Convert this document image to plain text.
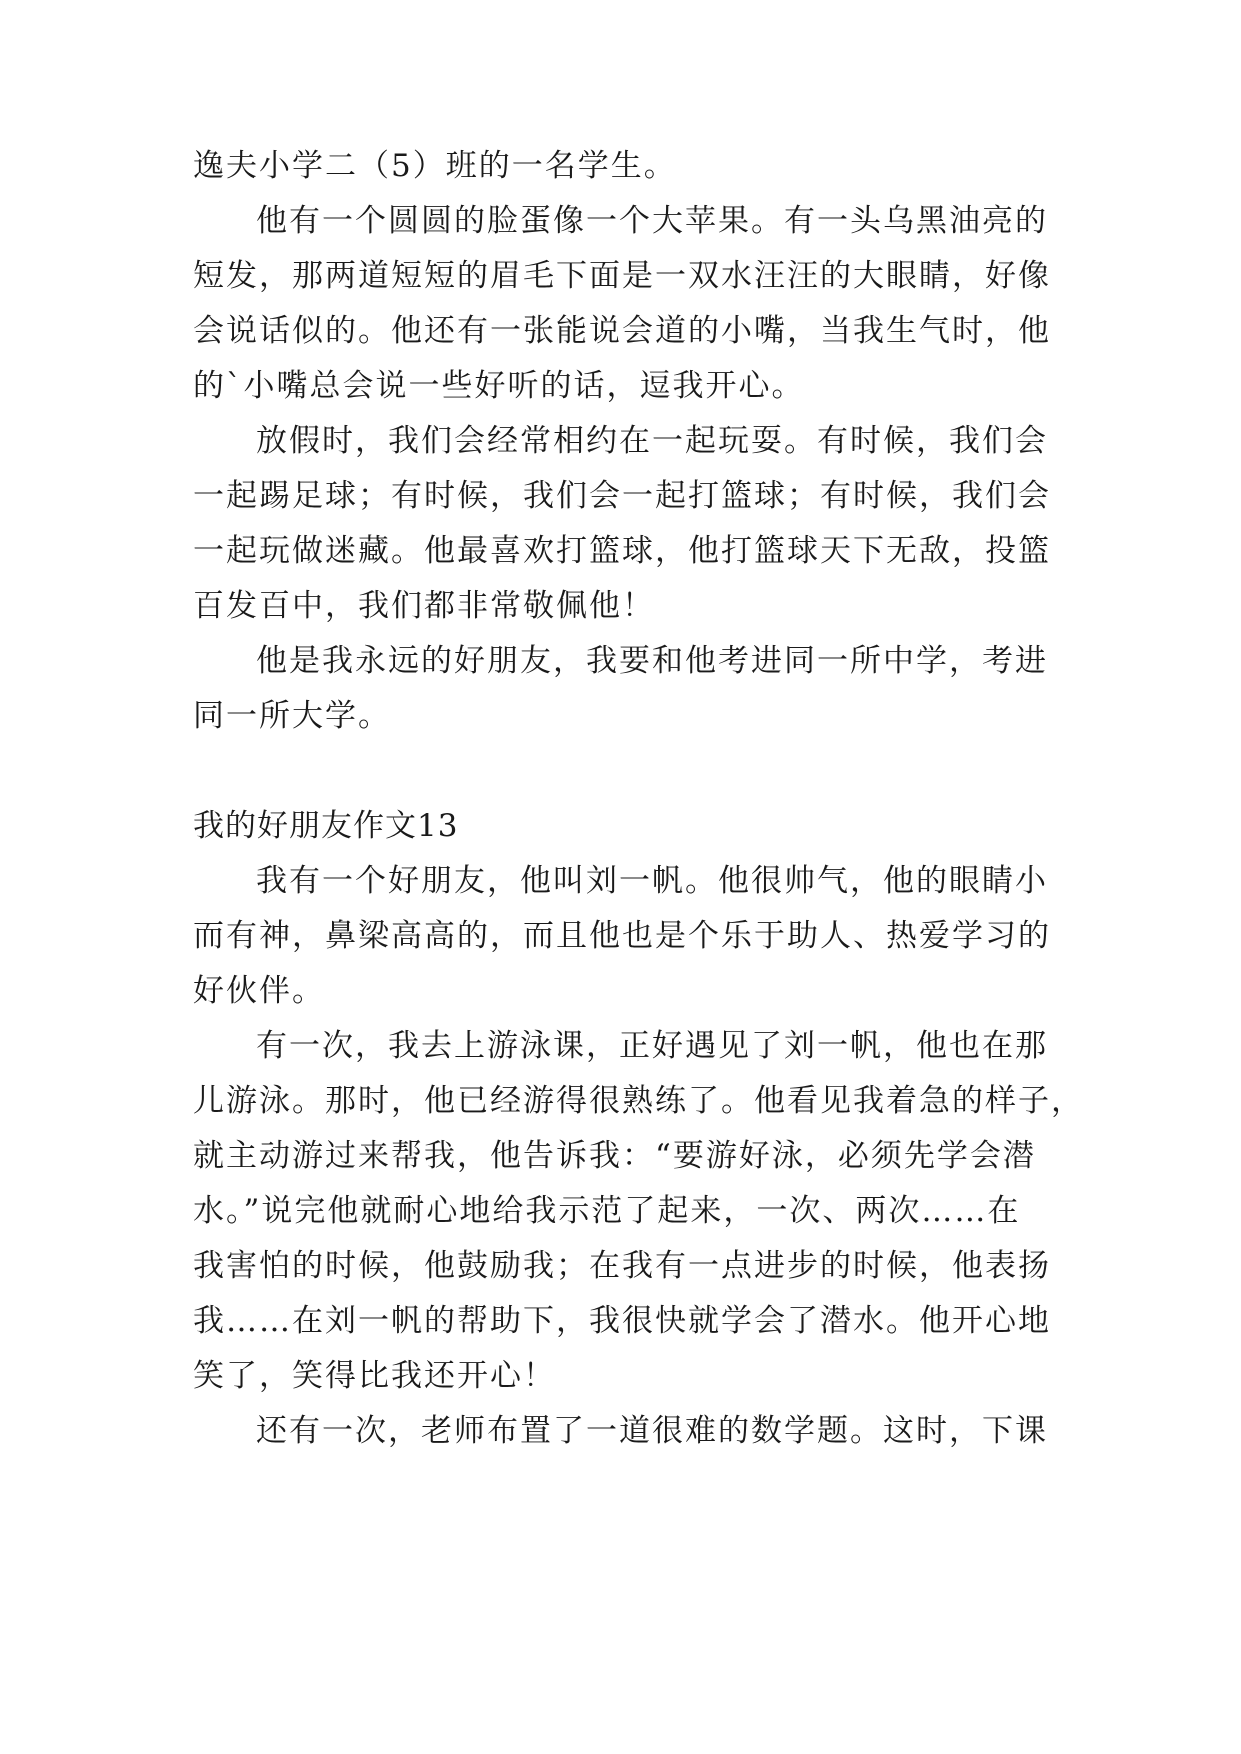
逸夫小学二（5）班的一名学生。
他有一个圆圆的脸蛋像一个大苹果。有一头乌黑油亮的
短发，那两道短短的眉毛下面是一双水汪汪的大眼睛，好像
会说话似的。他还有一张能说会道的小嘴，当我生气时，他
的`小嘴总会说一些好听的话，逗我开心。
放假时，我们会经常相约在一起玩耍。有时候，我们会
一起踢足球；有时候，我们会一起打篮球；有时候，我们会
一起玩做迷藏。他最喜欢打篮球，他打篮球天下无敌，投篮
百发百中，我们都非常敬佩他！
他是我永远的好朋友，我要和他考进同一所中学，考进
同一所大学。
我的好朋友作文13
我有一个好朋友，他叫刘一帆。他很帅气，他的眼睛小
而有神，鼻梁高高的，而且他也是个乐于助人、热爱学习的
好伙伴。
有一次，我去上游泳课，正好遇见了刘一帆，他也在那
儿游泳。那时，他已经游得很熟练了。他看见我着急的样子，
就主动游过来帮我，他告诉我：“要游好泳，必须先学会潜
水。”说完他就耐心地给我示范了起来，一次、两次……在
我害怕的时候，他鼓励我；在我有一点进步的时候，他表扬
我……在刘一帆的帮助下，我很快就学会了潜水。他开心地
笑了，笑得比我还开心！
还有一次，老师布置了一道很难的数学题。这时，下课
